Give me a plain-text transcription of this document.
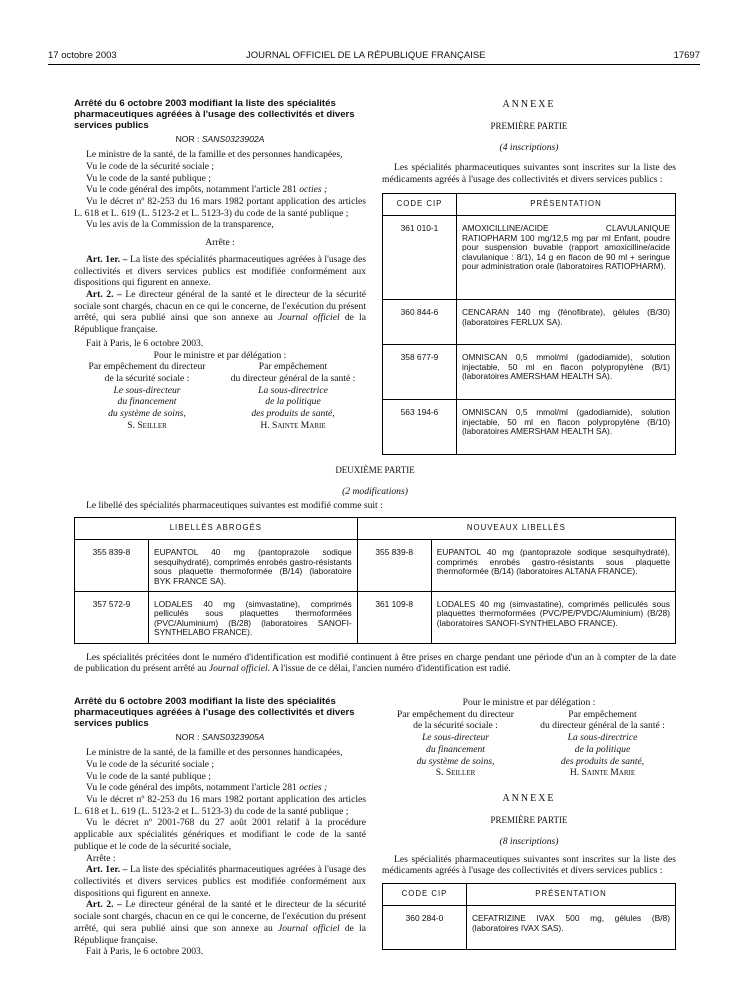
17 octobre 2003	JOURNAL OFFICIEL DE LA RÉPUBLIQUE FRANÇAISE	17697
Arrêté du 6 octobre 2003 modifiant la liste des spécialités pharmaceutiques agréées à l'usage des collectivités et divers services publics
NOR : SANS0323902A

Le ministre de la santé, de la famille et des personnes handicapées,

Vu le code de la sécurité sociale ;

Vu le code de la santé publique ;

Vu le code général des impôts, notamment l'article 281 octies ;

Vu le décret nº 82-253 du 16 mars 1982 portant application des articles L. 618 et L. 619 (L. 5123-2 et L. 5123-3) du code de la santé publique ;

Vu les avis de la Commission de la transparence,

Arrête :

Art. 1er. – La liste des spécialités pharmaceutiques agréées à l'usage des collectivités et divers services publics est modifiée conformément aux dispositions qui figurent en annexe.

Art. 2. – Le directeur général de la santé et le directeur de la sécurité sociale sont chargés, chacun en ce qui le concerne, de l'exécution du présent arrêté, qui sera publié ainsi que son annexe au Journal officiel de la République française.

Fait à Paris, le 6 octobre 2003.

Pour le ministre et par délégation :

Par empêchement du directeur
de la sécurité sociale :
Le sous-directeur
du financement
du système de soins,
S. Seiller
Par empêchement
du directeur général de la santé :
La sous-directrice
de la politique
des produits de santé,
H. Sainte Marie
ANNEXE
PREMIÈRE PARTIE
(4 inscriptions)

Les spécialités pharmaceutiques suivantes sont inscrites sur la liste des médicaments agréés à l'usage des collectivités et divers services publics :

CODE CIP	PRÉSENTATION
361 010-1	AMOXICILLINE/ACIDE CLAVULANIQUE RATIOPHARM 100 mg/12,5 mg par ml Enfant, poudre pour suspension buvable (rapport amoxicilline/acide clavulanique : 8/1), 14 g en flacon de 90 ml + seringue pour administration orale (laboratoires RATIOPHARM).
360 844-6	CENCARAN 140 mg (fénofibrate), gélules (B/30) (laboratoires FERLUX SA).
358 677-9	OMNISCAN 0,5 mmol/ml (gadodiamide), solution injectable, 50 ml en flacon polypropylène (B/1) (laboratoires AMERSHAM HEALTH SA).
563 194-6	OMNISCAN 0,5 mmol/ml (gadodiamide), solution injectable, 50 ml en flacon polypropylène (B/10) (laboratoires AMERSHAM HEALTH SA).
DEUXIÈME PARTIE
(2 modifications)

Le libellé des spécialités pharmaceutiques suivantes est modifié comme suit :

LIBELLÉS ABROGÉS		NOUVEAUX LIBELLÉS	
355 839-8	EUPANTOL 40 mg (pantoprazole sodique sesquihydraté), comprimés enrobés gastro-résistants sous plaquette thermoformée (B/14) (laboratoire BYK FRANCE SA).	355 839-8	EUPANTOL 40 mg (pantoprazole sodique sesquihydraté), comprimés enrobés gastro-résistants sous plaquette thermoformée (B/14) (laboratoires ALTANA FRANCE).
357 572-9	LODALES 40 mg (simvastatine), comprimés pelliculés sous plaquettes thermoformées (PVC/Aluminium) (B/28) (laboratoires SANOFI-SYNTHELABO FRANCE).	361 109-8	LODALES 40 mg (simvastatine), comprimés pelliculés sous plaquettes thermoformées (PVC/PE/PVDC/Aluminium) (B/28) (laboratoires SANOFI-SYNTHELABO FRANCE).

Les spécialités précitées dont le numéro d'identification est modifié continuent à être prises en charge pendant une période d'un an à compter de la date de publication du présent arrêté au Journal officiel. A l'issue de ce délai, l'ancien numéro d'identification est radié.

Arrêté du 6 octobre 2003 modifiant la liste des spécialités pharmaceutiques agréées à l'usage des collectivités et divers services publics
NOR : SANS0323905A

Le ministre de la santé, de la famille et des personnes handicapées,

Vu le code de la sécurité sociale ;

Vu le code de la santé publique ;

Vu le code général des impôts, notamment l'article 281 octies ;

Vu le décret nº 82-253 du 16 mars 1982 portant application des articles L. 618 et L. 619 (L. 5123-2 et L. 5123-3) du code de la santé publique ;

Vu le décret nº 2001-768 du 27 août 2001 relatif à la procédure applicable aux spécialités génériques et modifiant le code de la santé publique et le code de la sécurité sociale,

Arrête :

Art. 1er. – La liste des spécialités pharmaceutiques agréées à l'usage des collectivités et divers services publics est modifiée conformément aux dispositions qui figurent en annexe.

Art. 2. – Le directeur général de la santé et le directeur de la sécurité sociale sont chargés, chacun en ce qui le concerne, de l'exécution du présent arrêté, qui sera publié ainsi que son annexe au Journal officiel de la République française.

Fait à Paris, le 6 octobre 2003.

Pour le ministre et par délégation :

Par empêchement du directeur
de la sécurité sociale :
Le sous-directeur
du financement
du système de soins,
S. Seiller
Par empêchement
du directeur général de la santé :
La sous-directrice
de la politique
des produits de santé,
H. Sainte Marie
ANNEXE
PREMIÈRE PARTIE
(8 inscriptions)

Les spécialités pharmaceutiques suivantes sont inscrites sur la liste des médicaments agréés à l'usage des collectivités et divers services publics :

CODE CIP	PRÉSENTATION
360 284-0	CEFATRIZINE IVAX 500 mg, gélules (B/8) (laboratoires IVAX SAS).
